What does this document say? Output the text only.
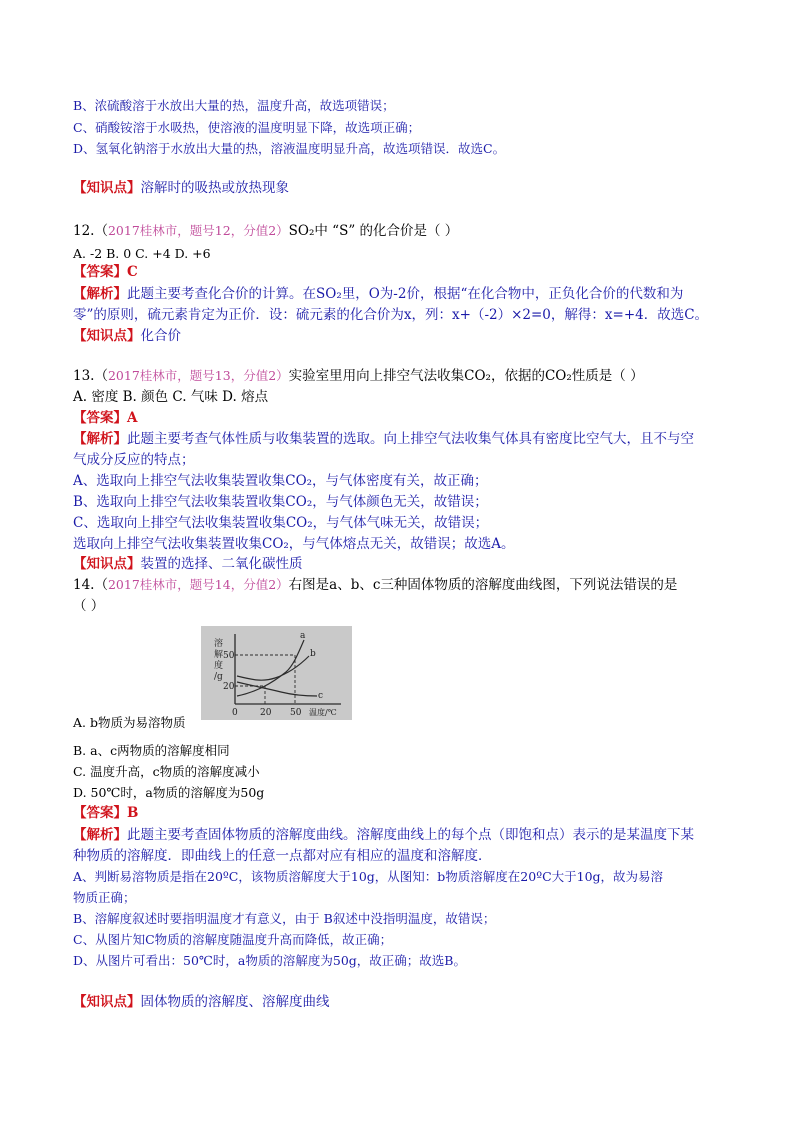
B、浓硫酸溶于水放出大量的热，温度升高，故选项错误；
C、硝酸铵溶于水吸热，使溶液的温度明显下降，故选项正确；
D、氢氧化钠溶于水放出大量的热，溶液温度明显升高，故选项错误．故选C。
【知识点】溶解时的吸热或放热现象
12.（2017桂林市，题号12，分值2）SO₂中 “S” 的化合价是（ ）
A. -2 B. 0 C. +4 D. +6
【答案】C
【解析】此题主要考查化合价的计算。在SO₂里，O为-2价，根据“在化合物中，正负化合价的代数和为
零”的原则，硫元素肯定为正价．设：硫元素的化合价为x，列：x+（-2）×2=0，解得：x=+4．故选C。
【知识点】化合价
13.（2017桂林市，题号13，分值2）实验室里用向上排空气法收集CO₂，依据的CO₂性质是（ ）
A. 密度 B. 颜色 C. 气味 D. 熔点
【答案】A
【解析】此题主要考查气体性质与收集装置的选取。向上排空气法收集气体具有密度比空气大，且不与空
气成分反应的特点；
A、选取向上排空气法收集装置收集CO₂，与气体密度有关，故正确；
B、选取向上排空气法收集装置收集CO₂，与气体颜色无关，故错误；
C、选取向上排空气法收集装置收集CO₂，与气体气味无关，故错误；
选取向上排空气法收集装置收集CO₂，与气体熔点无关，故错误；故选A。
【知识点】装置的选择、二氧化碳性质
14.（2017桂林市，题号14，分值2）右图是a、b、c三种固体物质的溶解度曲线图，下列说法错误的是
（ ）
溶
解
度
/g
50
20
0 20 50 温度/℃
a
b
c
A. b物质为易溶物质
B. a、c两物质的溶解度相同
C. 温度升高，c物质的溶解度减小
D. 50℃时，a物质的溶解度为50g
【答案】B
【解析】此题主要考查固体物质的溶解度曲线。溶解度曲线上的每个点（即饱和点）表示的是某温度下某
种物质的溶解度．即曲线上的任意一点都对应有相应的温度和溶解度．
A、判断易溶物质是指在20ºC，该物质溶解度大于10g，从图知：b物质溶解度在20ºC大于10g，故为易溶
物质正确；
B、溶解度叙述时要指明温度才有意义，由于 B叙述中没指明温度，故错误；
C、从图片知C物质的溶解度随温度升高而降低，故正确；
D、从图片可看出：50℃时，a物质的溶解度为50g，故正确；故选B。
【知识点】固体物质的溶解度、溶解度曲线
